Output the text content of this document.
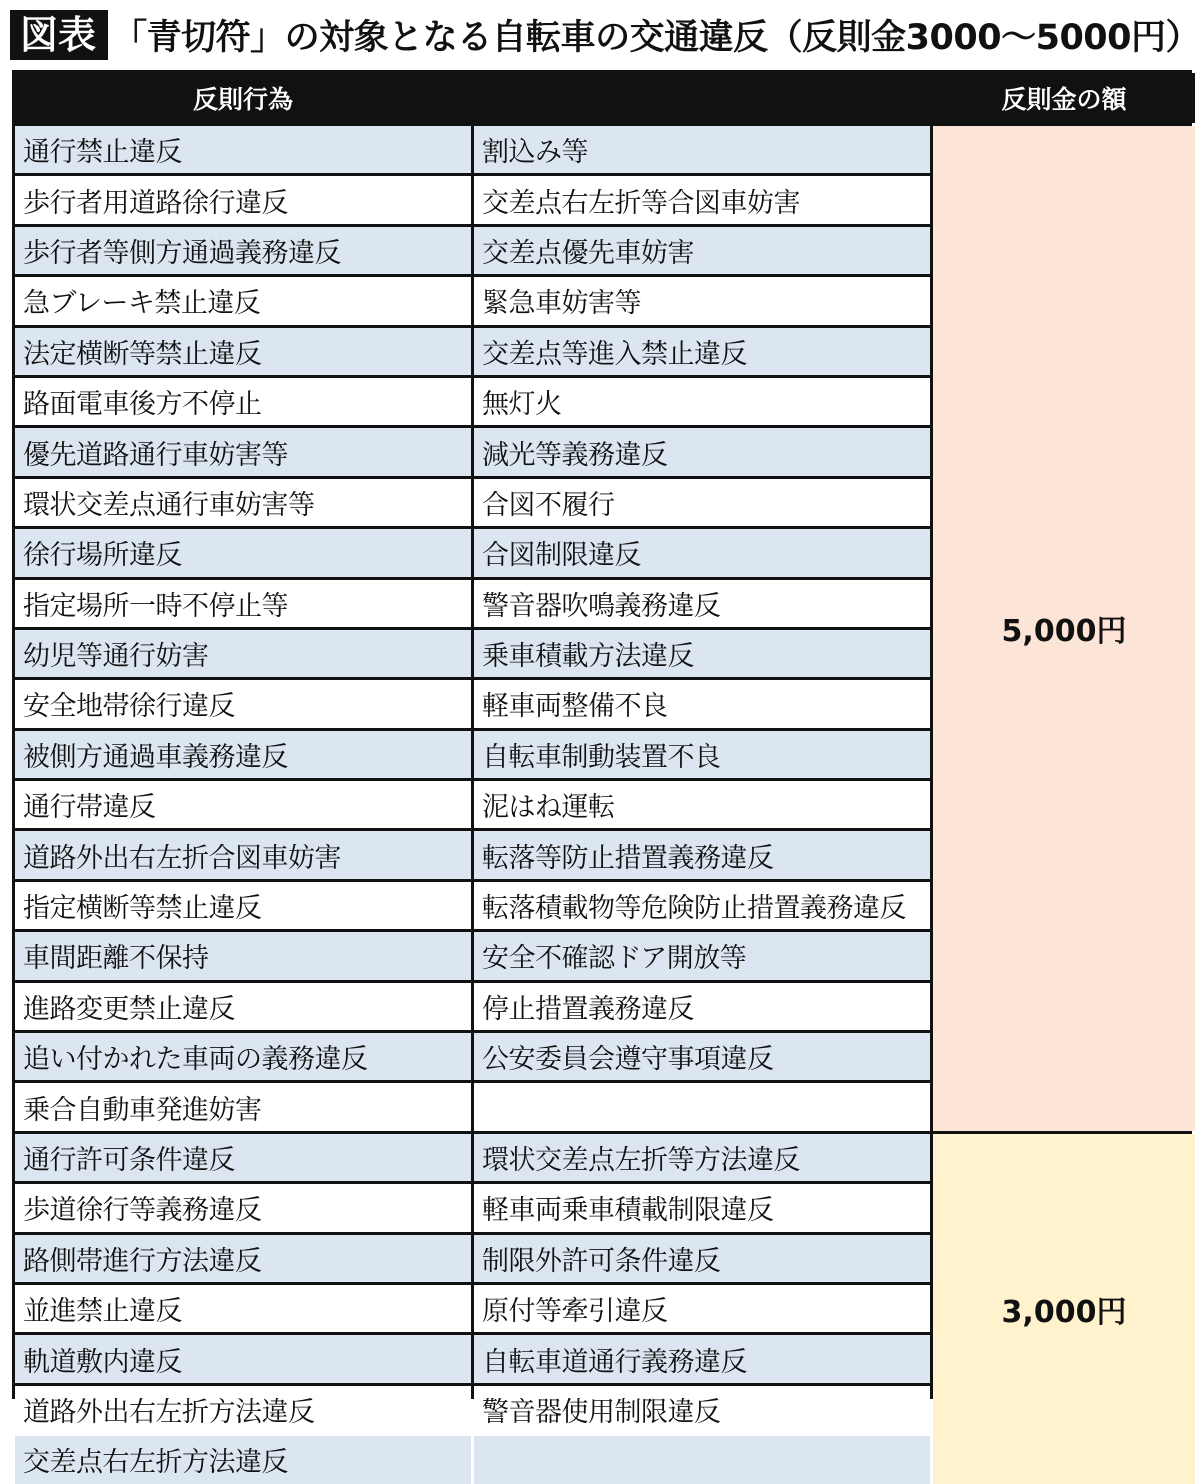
図表 「青切符」の対象となる自転車の交通違反（反則金3000〜5000円）
反則行為	反則金の額
通行禁止違反	割込み等
歩行者用道路徐行違反	交差点右左折等合図車妨害
歩行者等側方通過義務違反	交差点優先車妨害
急ブレーキ禁止違反	緊急車妨害等
法定横断等禁止違反	交差点等進入禁止違反
路面電車後方不停止	無灯火
優先道路通行車妨害等	減光等義務違反
環状交差点通行車妨害等	合図不履行
徐行場所違反	合図制限違反
指定場所一時不停止等	警音器吹鳴義務違反
幼児等通行妨害	乗車積載方法違反
安全地帯徐行違反	軽車両整備不良
被側方通過車義務違反	自転車制動装置不良
通行帯違反	泥はね運転
道路外出右左折合図車妨害	転落等防止措置義務違反
指定横断等禁止違反	転落積載物等危険防止措置義務違反
車間距離不保持	安全不確認ドア開放等
進路変更禁止違反	停止措置義務違反
追い付かれた車両の義務違反	公安委員会遵守事項違反
乗合自動車発進妨害
5,000円
通行許可条件違反	環状交差点左折等方法違反
歩道徐行等義務違反	軽車両乗車積載制限違反
路側帯進行方法違反	制限外許可条件違反
並進禁止違反	原付等牽引違反
軌道敷内違反	自転車道通行義務違反
道路外出右左折方法違反	警音器使用制限違反
交差点右左折方法違反
3,000円
